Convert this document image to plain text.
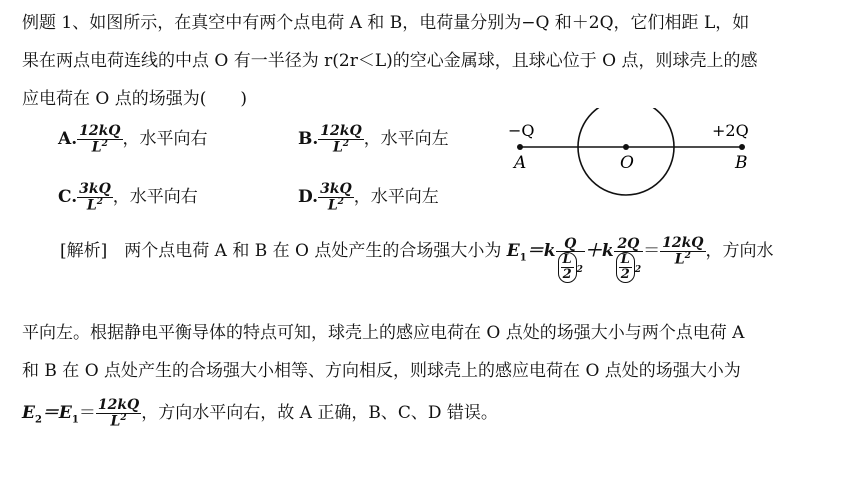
例题 1、如图所示，在真空中有两个点电荷 A 和 B，电荷量分别为−Q 和＋2Q，它们相距 L，如
果在两点电荷连线的中点 O 有一半径为 r(2r＜L)的空心金属球，且球心位于 O 点，则球壳上的感
应电荷在 O 点的场强为(　　)
A. $\frac{12kQ}{L^2}$ ，水平向右	B. $\frac{12kQ}{L^2}$ ，水平向左
C. $\frac{3kQ}{L^2}$ ，水平向右	D. $\frac{3kQ}{L^2}$ ，水平向左
−Q	+2Q
A	O	B
[解析]　两个点电荷 A 和 B 在 O 点处产生的合场强大小为 $E_1=k \frac{Q}{\frac{L}{2} ^2} +k \frac{2Q}{\frac{L}{2} ^2} = \frac{12kQ}{L^2}$ ，方向水
平向左。根据静电平衡导体的特点可知，球壳上的感应电荷在 O 点处的场强大小与两个点电荷 A
和 B 在 O 点处产生的合场强大小相等、方向相反，则球壳上的感应电荷在 O 点处的场强大小为
$E_2=E_1= \frac{12kQ}{L^2}$ ，方向水平向右，故 A 正确，B、C、D 错误。
